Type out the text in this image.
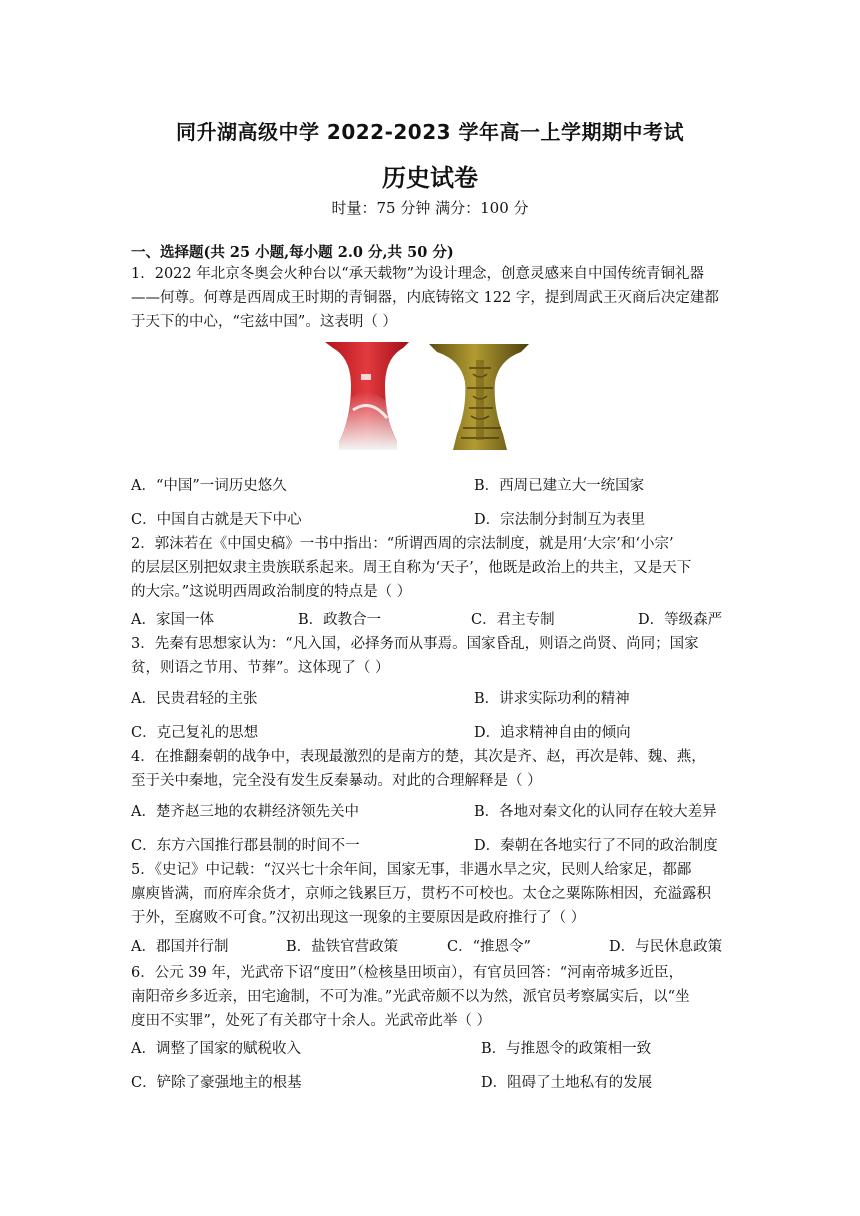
同升湖高级中学 2022-2023 学年高一上学期期中考试
历史试卷
时量：75 分钟 满分：100 分
一、选择题(共 25 小题,每小题 2.0 分,共 50 分)
1．2022 年北京冬奥会火种台以“承天载物”为设计理念，创意灵感来自中国传统青铜礼器
——何尊。何尊是西周成王时期的青铜器，内底铸铭文 122 字，提到周武王灭商后决定建都
于天下的中心，“宅兹中国”。这表明（ ）
A．“中国”一词历史悠久	B．西周已建立大一统国家
C．中国自古就是天下中心	D．宗法制分封制互为表里
2．郭沫若在《中国史稿》一书中指出：“所谓西周的宗法制度，就是用‘大宗’和‘小宗’
的层层区别把奴隶主贵族联系起来。周王自称为‘天子’，他既是政治上的共主，又是天下
的大宗。”这说明西周政治制度的特点是（ ）
A．家国一体	B．政教合一	C．君主专制	D．等级森严
3．先秦有思想家认为：“凡入国，必择务而从事焉。国家昏乱，则语之尚贤、尚同；国家
贫，则语之节用、节葬”。这体现了（ ）
A．民贵君轻的主张	B．讲求实际功利的精神
C．克己复礼的思想	D．追求精神自由的倾向
4．在推翻秦朝的战争中，表现最激烈的是南方的楚，其次是齐、赵，再次是韩、魏、燕，
至于关中秦地，完全没有发生反秦暴动。对此的合理解释是（ ）
A．楚齐赵三地的农耕经济领先关中	B．各地对秦文化的认同存在较大差异
C．东方六国推行郡县制的时间不一	D．秦朝在各地实行了不同的政治制度
5．《史记》中记载：“汉兴七十余年间，国家无事，非遇水旱之灾，民则人给家足，都鄙
廪庾皆满，而府库余货才，京师之钱累巨万，贯朽不可校也。太仓之粟陈陈相因，充溢露积
于外，至腐败不可食。”汉初出现这一现象的主要原因是政府推行了（ ）
A．郡国并行制	B．盐铁官营政策	C．“推恩令”	D．与民休息政策
6．公元 39 年，光武帝下诏“度田”（检核垦田顷亩），有官员回答：“河南帝城多近臣，
南阳帝乡多近亲，田宅逾制，不可为准。”光武帝颇不以为然，派官员考察属实后，以“坐
度田不实罪”，处死了有关郡守十余人。光武帝此举（ ）
A．调整了国家的赋税收入	B．与推恩令的政策相一致
C．铲除了豪强地主的根基	D．阻碍了土地私有的发展
